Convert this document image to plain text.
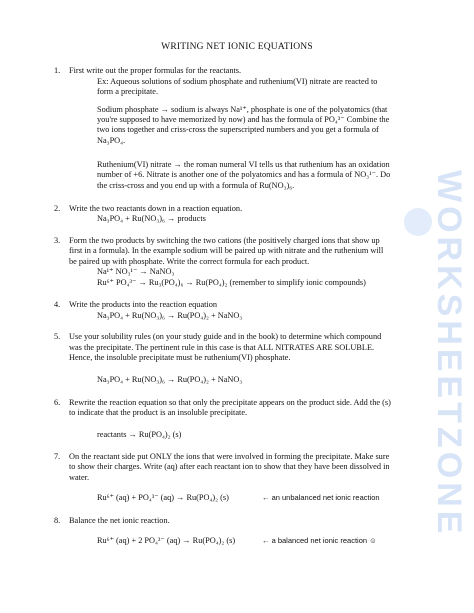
WORKSHEETZONE
WRITING NET IONIC EQUATIONS
1. First write out the proper formulas for the reactants.
Ex: Aqueous solutions of sodium phosphate and ruthenium(VI) nitrate are reacted to
form a precipitate.
Sodium phosphate → sodium is always Na¹⁺, phosphate is one of the polyatomics (that
you're supposed to have memorized by now) and has the formula of PO₄³⁻ Combine the
two ions together and criss-cross the superscripted numbers and you get a formula of
Na₃PO₄.
Ruthenium(VI) nitrate → the roman numeral VI tells us that ruthenium has an oxidation
number of +6. Nitrate is another one of the polyatomics and has a formula of NO₃¹⁻. Do
the criss-cross and you end up with a formula of Ru(NO₃)₆.
2. Write the two reactants down in a reaction equation.
Na₃PO₄ + Ru(NO₃)₆ → products
3. Form the two products by switching the two cations (the positively charged ions that show up
first in a formula). In the example sodium will be paired up with nitrate and the ruthenium will
be paired up with phosphate. Write the correct formula for each product.
Na¹⁺ NO₃¹⁻ → NaNO₃
Ru⁶⁺ PO₄³⁻ → Ru₃(PO₄)₆ → Ru(PO₄)₂ (remember to simplify ionic compounds)
4. Write the products into the reaction equation
Na₃PO₄ + Ru(NO₃)₆ → Ru(PO₄)₂ + NaNO₃
5. Use your solubility rules (on your study guide and in the book) to determine which compound
was the precipitate. The pertinent rule in this case is that ALL NITRATES ARE SOLUBLE.
Hence, the insoluble precipitate must be ruthenium(VI) phosphate.
Na₃PO₄ + Ru(NO₃)₆ → Ru(PO₄)₂ + NaNO₃
6. Rewrite the reaction equation so that only the precipitate appears on the product side. Add the (s)
to indicate that the product is an insoluble precipitate.
reactants → Ru(PO₄)₂ (s)
7. On the reactant side put ONLY the ions that were involved in forming the precipitate. Make sure
to show their charges. Write (aq) after each reactant ion to show that they have been dissolved in
water.
Ru⁶⁺ (aq) + PO₄³⁻ (aq) → Ru(PO₄)₂ (s)	← an unbalanced net ionic reaction
8. Balance the net ionic reaction.
Ru⁶⁺ (aq) + 2 PO₄³⁻ (aq) → Ru(PO₄)₂ (s)	← a balanced net ionic reaction ☺
